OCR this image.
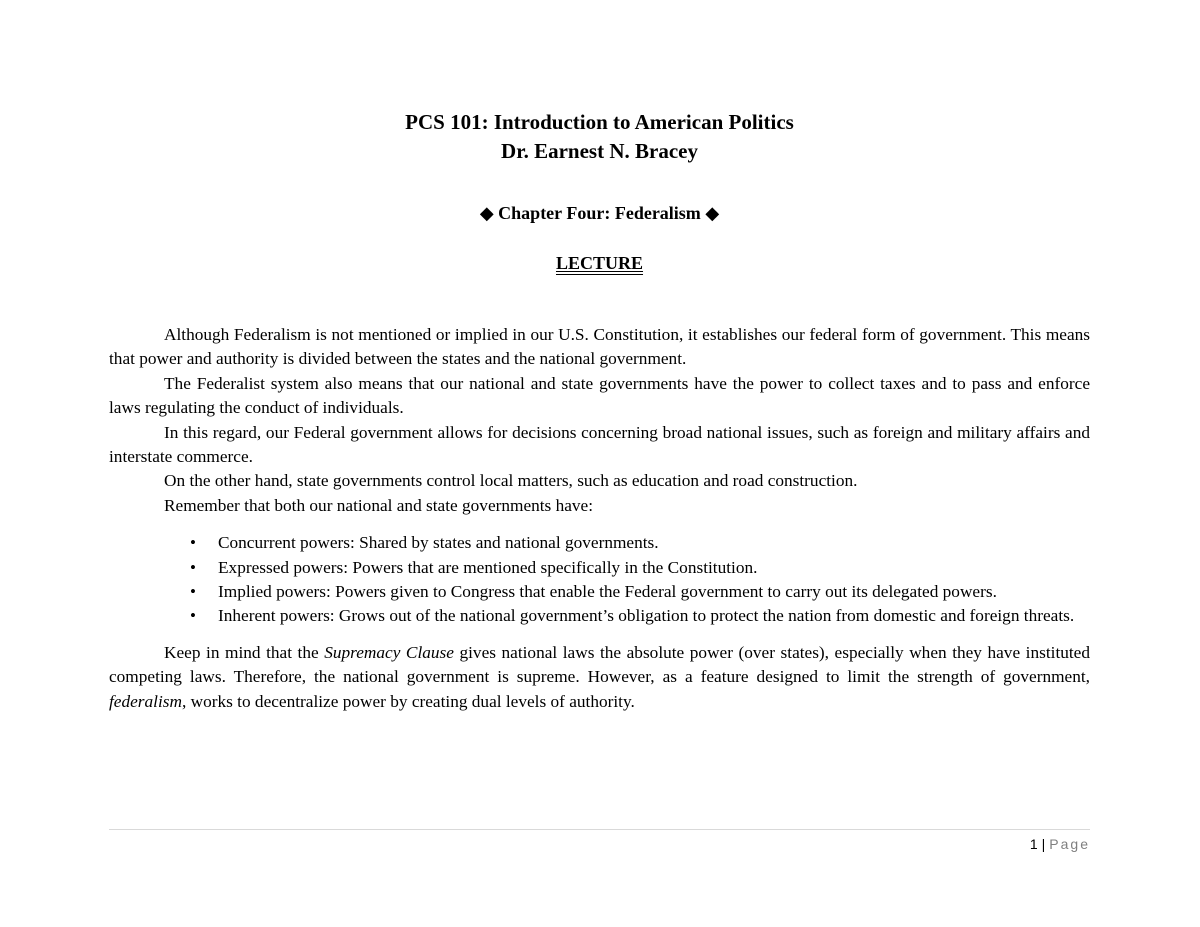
PCS 101: Introduction to American Politics
Dr. Earnest N. Bracey
◆ Chapter Four: Federalism ◆
LECTURE

Although Federalism is not mentioned or implied in our U.S. Constitution, it establishes our federal form of government. This means that power and authority is divided between the states and the national government.

The Federalist system also means that our national and state governments have the power to collect taxes and to pass and enforce laws regulating the conduct of individuals.

In this regard, our Federal government allows for decisions concerning broad national issues, such as foreign and military affairs and interstate commerce.

On the other hand, state governments control local matters, such as education and road construction.

Remember that both our national and state governments have:

• Concurrent powers: Shared by states and national governments.
• Expressed powers: Powers that are mentioned specifically in the Constitution.
• Implied powers: Powers given to Congress that enable the Federal government to carry out its delegated powers.
• Inherent powers: Grows out of the national government’s obligation to protect the nation from domestic and foreign threats.

Keep in mind that the Supremacy Clause gives national laws the absolute power (over states), especially when they have instituted competing laws. Therefore, the national government is supreme. However, as a feature designed to limit the strength of government, federalism, works to decentralize power by creating dual levels of authority.

1 | Page
